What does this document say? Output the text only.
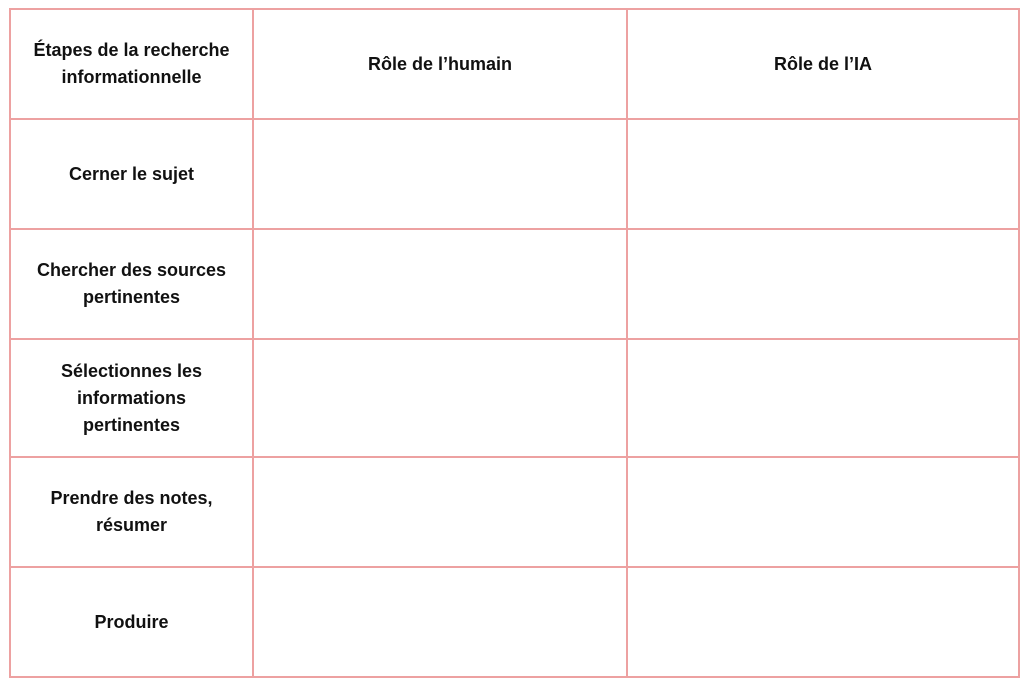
Étapes de la recherche informationnelle	Rôle de l’humain	Rôle de l’IA
Cerner le sujet		
Chercher des sources pertinentes		
Sélectionnes les informations pertinentes		
Prendre des notes, résumer		
Produire		
